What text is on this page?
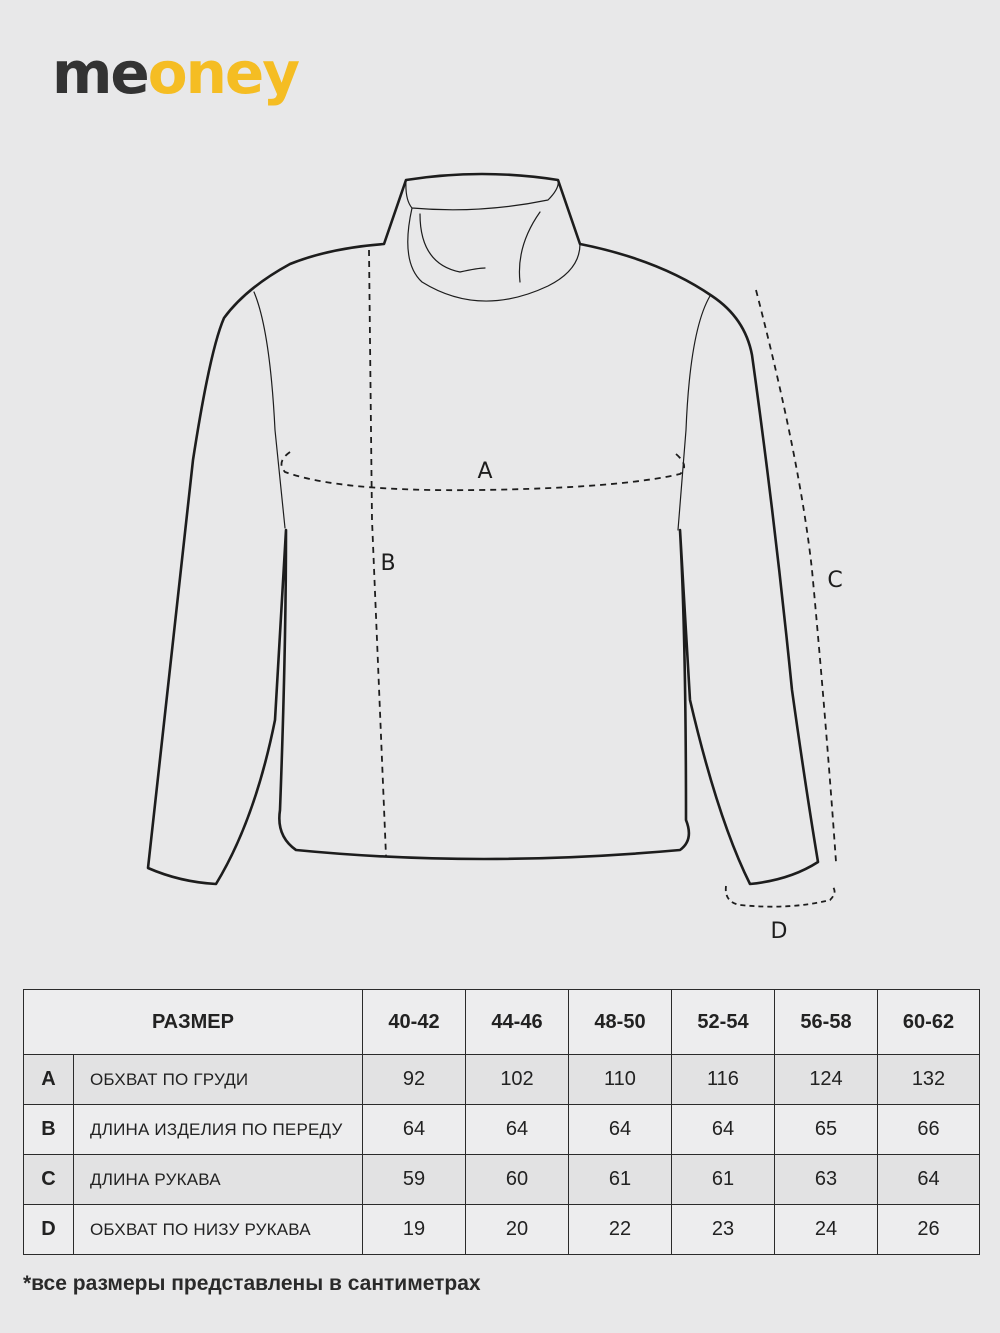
meoney
A
B
C
D
РАЗМЕР		40-42	44-46	48-50	52-54	56-58	60-62
A	ОБХВАТ ПО ГРУДИ	92	102	110	116	124	132
B	ДЛИНА ИЗДЕЛИЯ ПО ПЕРЕДУ	64	64	64	64	65	66
C	ДЛИНА РУКАВА	59	60	61	61	63	64
D	ОБХВАТ ПО НИЗУ РУКАВА	19	20	22	23	24	26
*все размеры представлены в сантиметрах
